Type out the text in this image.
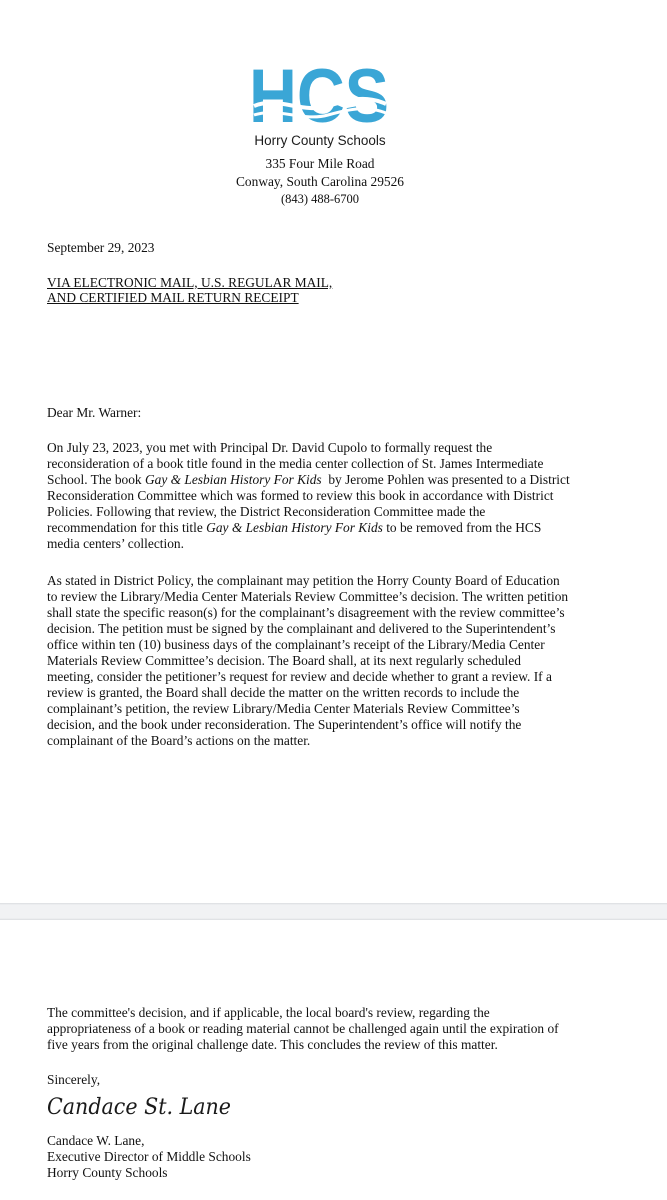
HCS
Horry County Schools
335 Four Mile Road
Conway, South Carolina 29526
(843) 488-6700
September 29, 2023
VIA ELECTRONIC MAIL, U.S. REGULAR MAIL,
AND CERTIFIED MAIL RETURN RECEIPT
Dear Mr. Warner:
On July 23, 2023, you met with Principal Dr. David Cupolo to formally request the
reconsideration of a book title found in the media center collection of St. James Intermediate
School. The book Gay & Lesbian History For Kids  by Jerome Pohlen was presented to a District
Reconsideration Committee which was formed to review this book in accordance with District
Policies. Following that review, the District Reconsideration Committee made the
recommendation for this title Gay & Lesbian History For Kids to be removed from the HCS
media centers’ collection.
As stated in District Policy, the complainant may petition the Horry County Board of Education
to review the Library/Media Center Materials Review Committee’s decision. The written petition
shall state the specific reason(s) for the complainant’s disagreement with the review committee’s
decision. The petition must be signed by the complainant and delivered to the Superintendent’s
office within ten (10) business days of the complainant’s receipt of the Library/Media Center
Materials Review Committee’s decision. The Board shall, at its next regularly scheduled
meeting, consider the petitioner’s request for review and decide whether to grant a review. If a
review is granted, the Board shall decide the matter on the written records to include the
complainant’s petition, the review Library/Media Center Materials Review Committee’s
decision, and the book under reconsideration. The Superintendent’s office will notify the
complainant of the Board’s actions on the matter.
The committee's decision, and if applicable, the local board's review, regarding the
appropriateness of a book or reading material cannot be challenged again until the expiration of
five years from the original challenge date. This concludes the review of this matter.
Sincerely,
Candace St. Lane
Candace W. Lane,
Executive Director of Middle Schools
Horry County Schools
